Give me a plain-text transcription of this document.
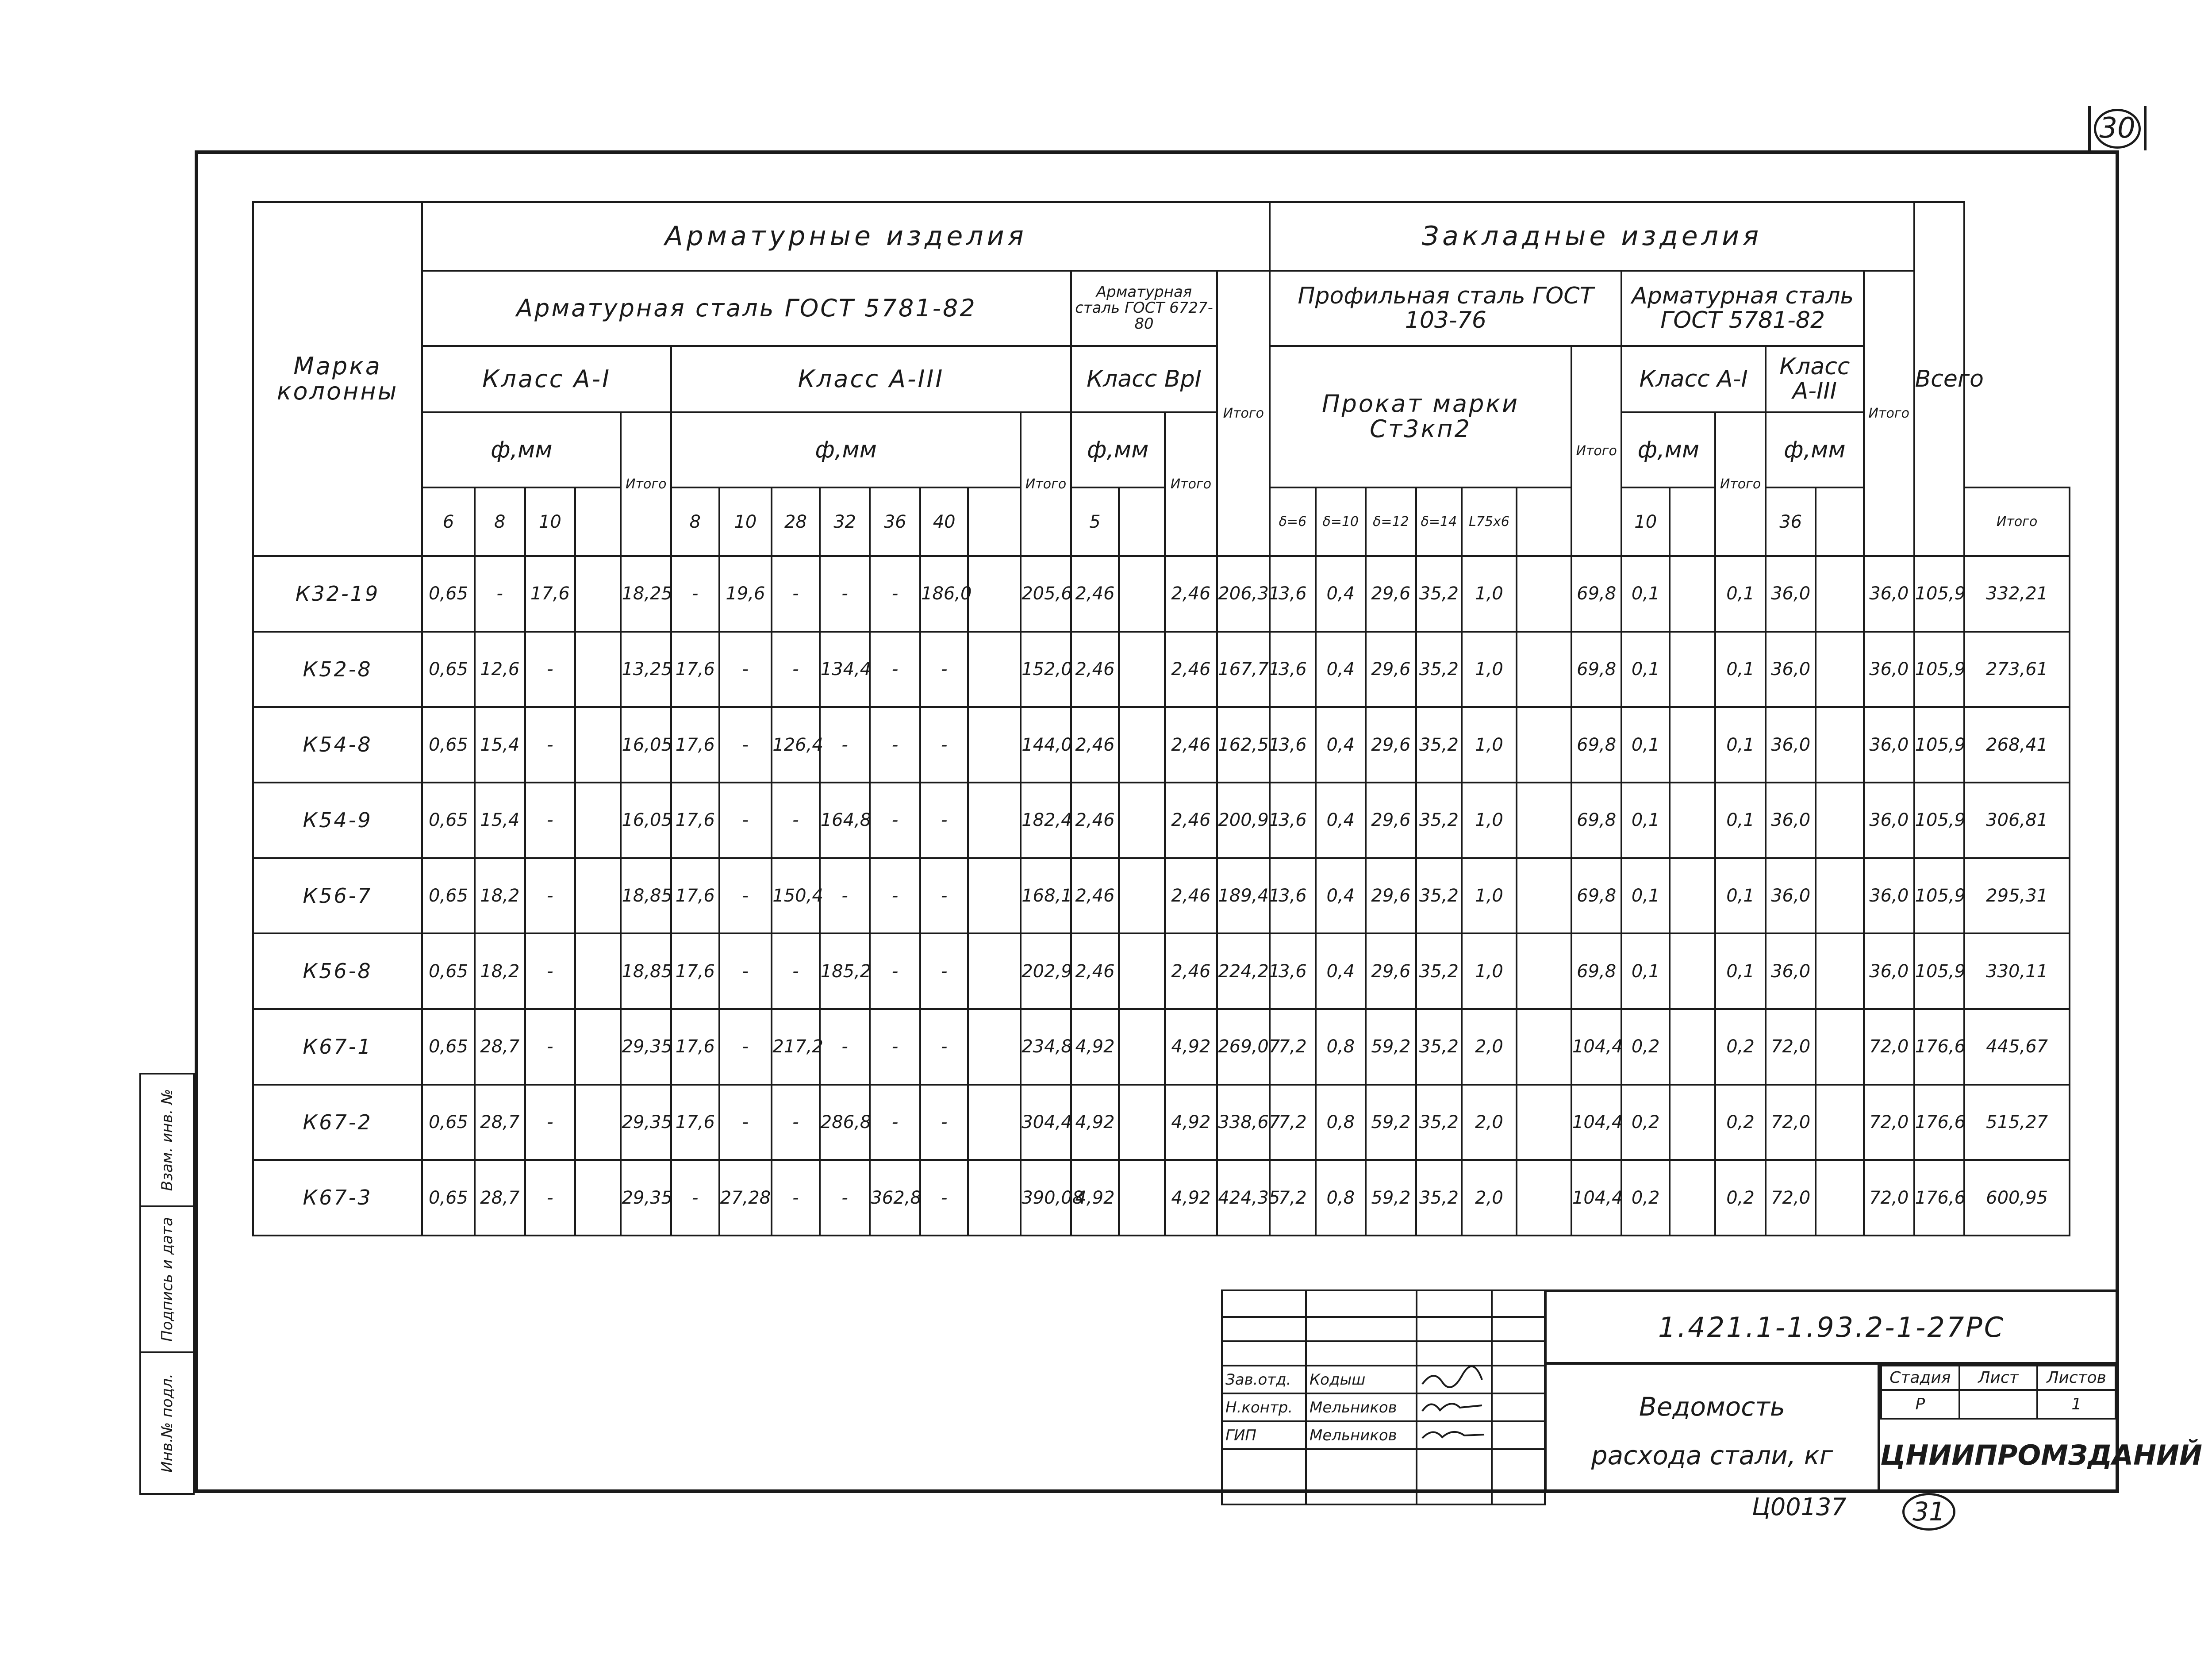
30
Марка колонны	Арматурные изделия																	Закладные изделия													Всего	
	Арматурная сталь ГОСТ 5781-82													Арматурная сталь ГОСТ 6727-80			Итого	Профильная сталь ГОСТ 103-76							Арматурная сталь ГОСТ 5781-82					Итого		
	Класс А-I					Класс А-III								Класс ВрI				Прокат марки Ст3кп2						Итого	Класс А-I			Класс А-III				
	ф,мм				Итого	ф,мм							Итого	ф,мм		Итого									ф,мм		Итого	ф,мм				
	6	8	10			8	10	28	32	36	40			5				δ=6	δ=10	δ=12	δ=14	L75x6			10			36				Итого
К32-19	0,65	-	17,6		18,25	-	19,6	-	-	-	186,0		205,6	2,46		2,46	206,31	3,6	0,4	29,6	35,2	1,0		69,8	0,1		0,1	36,0		36,0	105,9	332,21
К52-8	0,65	12,6	-		13,25	17,6	-	-	134,4	-	-		152,0	2,46		2,46	167,71	3,6	0,4	29,6	35,2	1,0		69,8	0,1		0,1	36,0		36,0	105,9	273,61
К54-8	0,65	15,4	-		16,05	17,6	-	126,4	-	-	-		144,0	2,46		2,46	162,51	3,6	0,4	29,6	35,2	1,0		69,8	0,1		0,1	36,0		36,0	105,9	268,41
К54-9	0,65	15,4	-		16,05	17,6	-	-	164,8	-	-		182,4	2,46		2,46	200,91	3,6	0,4	29,6	35,2	1,0		69,8	0,1		0,1	36,0		36,0	105,9	306,81
К56-7	0,65	18,2	-		18,85	17,6	-	150,4	-	-	-		168,1	2,46		2,46	189,41	3,6	0,4	29,6	35,2	1,0		69,8	0,1		0,1	36,0		36,0	105,9	295,31
К56-8	0,65	18,2	-		18,85	17,6	-	-	185,2	-	-		202,9	2,46		2,46	224,21	3,6	0,4	29,6	35,2	1,0		69,8	0,1		0,1	36,0		36,0	105,9	330,11
К67-1	0,65	28,7	-		29,35	17,6	-	217,2	-	-	-		234,8	4,92		4,92	269,07	7,2	0,8	59,2	35,2	2,0		104,4	0,2		0,2	72,0		72,0	176,6	445,67
К67-2	0,65	28,7	-		29,35	17,6	-	-	286,8	-	-		304,4	4,92		4,92	338,67	7,2	0,8	59,2	35,2	2,0		104,4	0,2		0,2	72,0		72,0	176,6	515,27
К67-3	0,65	28,7	-		29,35	-	27,28	-	-	362,8	-		390,08	4,92		4,92	424,35	7,2	0,8	59,2	35,2	2,0		104,4	0,2		0,2	72,0		72,0	176,6	600,95
Взам. инв. №

Подпись и дата

Инв.№ подл.

				Зав.отд.	Кодыш		
Н.контр.	Мельников		
ГИП	Мельников		

1.421.1-1.93.2-1-27РС
Ведомость
расхода стали, кг
Стадия	Лист	Листов
Р		1
ЦНИИПРОМЗДАНИЙ
Ц00137	31
